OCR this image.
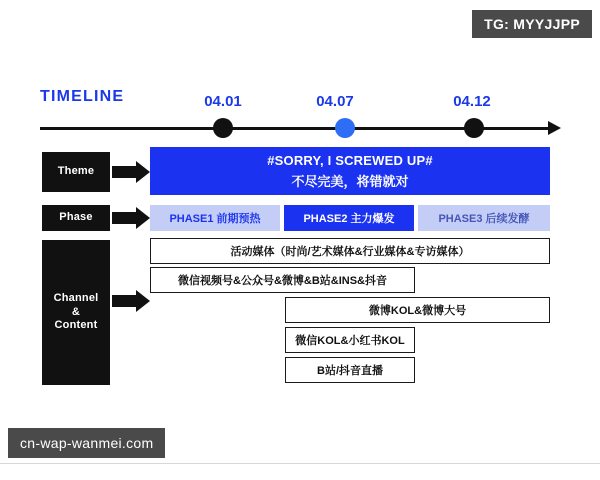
TG: MYYJJPP
cn-wap-wanmei.com
TIMELINE	04.01	04.07	04.12
Theme
#SORRY, I SCREWED UP#
不尽完美，将错就对
Phase	PHASE1 前期预热	PHASE2 主力爆发	PHASE3 后续发酵
Channel
&
Content
活动媒体（时尚/艺术媒体&行业媒体&专访媒体）
微信视频号&公众号&微博&B站&INS&抖音
微博KOL&微博大号
微信KOL&小红书KOL
B站/抖音直播
